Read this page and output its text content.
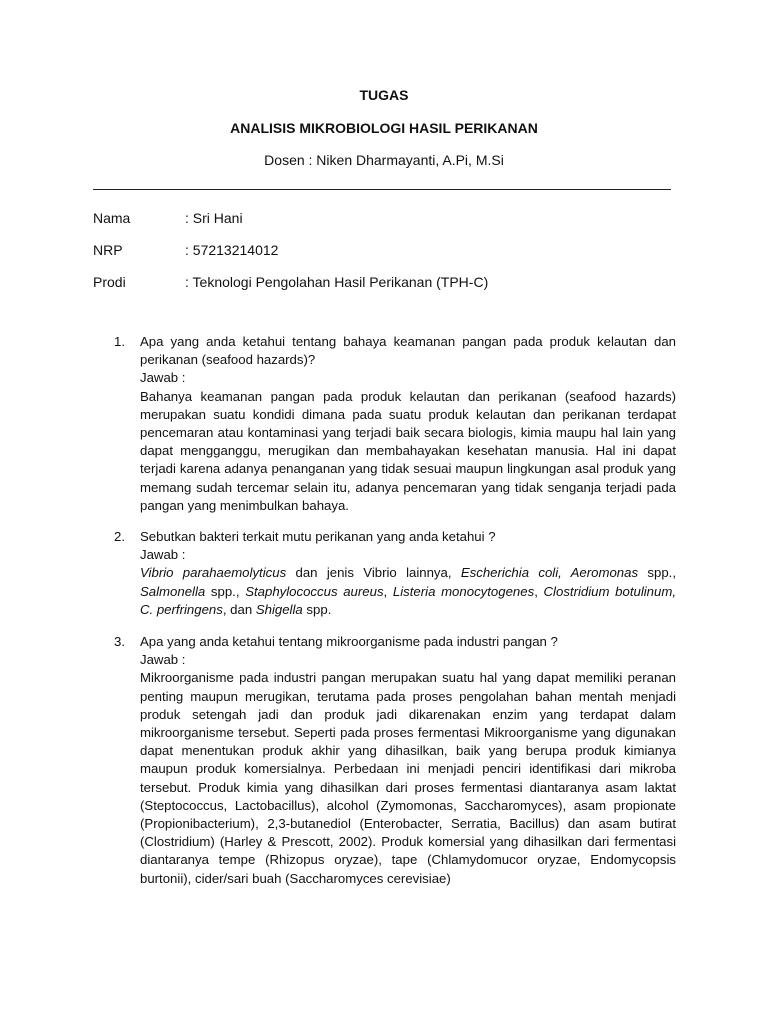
TUGAS
ANALISIS MIKROBIOLOGI HASIL PERIKANAN
Dosen : Niken Dharmayanti, A.Pi, M.Si
Nama	: Sri Hani
NRP	: 57213214012
Prodi	: Teknologi Pengolahan Hasil Perikanan (TPH-C)
1. Apa yang anda ketahui tentang bahaya keamanan pangan pada produk kelautan dan perikanan (seafood hazards)?

Jawab :

Bahanya keamanan pangan pada produk kelautan dan perikanan (seafood hazards) merupakan suatu kondidi dimana pada suatu produk kelautan dan perikanan terdapat pencemaran atau kontaminasi yang terjadi baik secara biologis, kimia maupu hal lain yang dapat mengganggu, merugikan dan membahayakan kesehatan manusia. Hal ini dapat terjadi karena adanya penanganan yang tidak sesuai maupun lingkungan asal produk yang memang sudah tercemar selain itu, adanya pencemaran yang tidak senganja terjadi pada pangan yang menimbulkan bahaya.

2. Sebutkan bakteri terkait mutu perikanan yang anda ketahui ?

Jawab :

Vibrio parahaemolyticus dan jenis Vibrio lainnya, Escherichia coli, Aeromonas spp., Salmonella spp., Staphylococcus aureus, Listeria monocytogenes, Clostridium botulinum, C. perfringens, dan Shigella spp.

3. Apa yang anda ketahui tentang mikroorganisme pada industri pangan ?

Jawab :

Mikroorganisme pada industri pangan merupakan suatu hal yang dapat memiliki peranan penting maupun merugikan, terutama pada proses pengolahan bahan mentah menjadi produk setengah jadi dan produk jadi dikarenakan enzim yang terdapat dalam mikroorganisme tersebut. Seperti pada proses fermentasi Mikroorganisme yang digunakan dapat menentukan produk akhir yang dihasilkan, baik yang berupa produk kimianya maupun produk komersialnya. Perbedaan ini menjadi penciri identifikasi dari mikroba tersebut. Produk kimia yang dihasilkan dari proses fermentasi diantaranya asam laktat (Steptococcus, Lactobacillus), alcohol (Zymomonas, Saccharomyces), asam propionate (Propionibacterium), 2,3-butanediol (Enterobacter, Serratia, Bacillus) dan asam butirat (Clostridium) (Harley & Prescott, 2002). Produk komersial yang dihasilkan dari fermentasi diantaranya tempe (Rhizopus oryzae), tape (Chlamydomucor oryzae, Endomycopsis burtonii), cider/sari buah (Saccharomyces cerevisiae)
